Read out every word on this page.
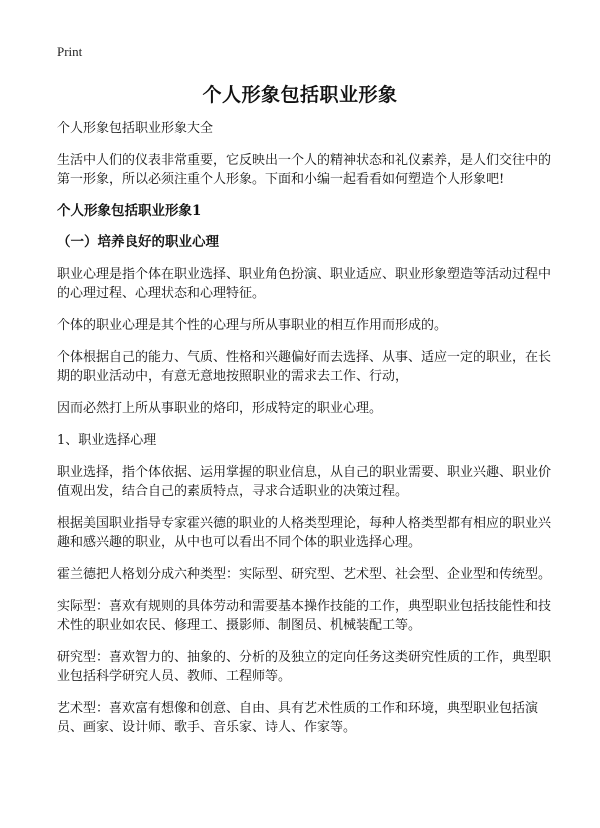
Print
个人形象包括职业形象

个人形象包括职业形象大全

生活中人们的仪表非常重要，它反映出一个人的精神状态和礼仪素养，是人们交往中的第一形象，所以必须注重个人形象。下面和小编一起看看如何塑造个人形象吧!

个人形象包括职业形象1
（一）培养良好的职业心理

职业心理是指个体在职业选择、职业角色扮演、职业适应、职业形象塑造等活动过程中的心理过程、心理状态和心理特征。

个体的职业心理是其个性的心理与所从事职业的相互作用而形成的。

个体根据自己的能力、气质、性格和兴趣偏好而去选择、从事、适应一定的职业，在长期的职业活动中，有意无意地按照职业的需求去工作、行动，

因而必然打上所从事职业的烙印，形成特定的职业心理。

1、职业选择心理

职业选择，指个体依据、运用掌握的职业信息，从自己的职业需要、职业兴趣、职业价值观出发，结合自己的素质特点，寻求合适职业的决策过程。

根据美国职业指导专家霍兴德的职业的人格类型理论，每种人格类型都有相应的职业兴趣和感兴趣的职业，从中也可以看出不同个体的职业选择心理。

霍兰德把人格划分成六种类型：实际型、研究型、艺术型、社会型、企业型和传统型。

实际型：喜欢有规则的具体劳动和需要基本操作技能的工作，典型职业包括技能性和技术性的职业如农民、修理工、摄影师、制图员、机械装配工等。

研究型：喜欢智力的、抽象的、分析的及独立的定向任务这类研究性质的工作，典型职业包括科学研究人员、教师、工程师等。

艺术型：喜欢富有想像和创意、自由、具有艺术性质的工作和环境，典型职业包括演员、画家、设计师、歌手、音乐家、诗人、作家等。
